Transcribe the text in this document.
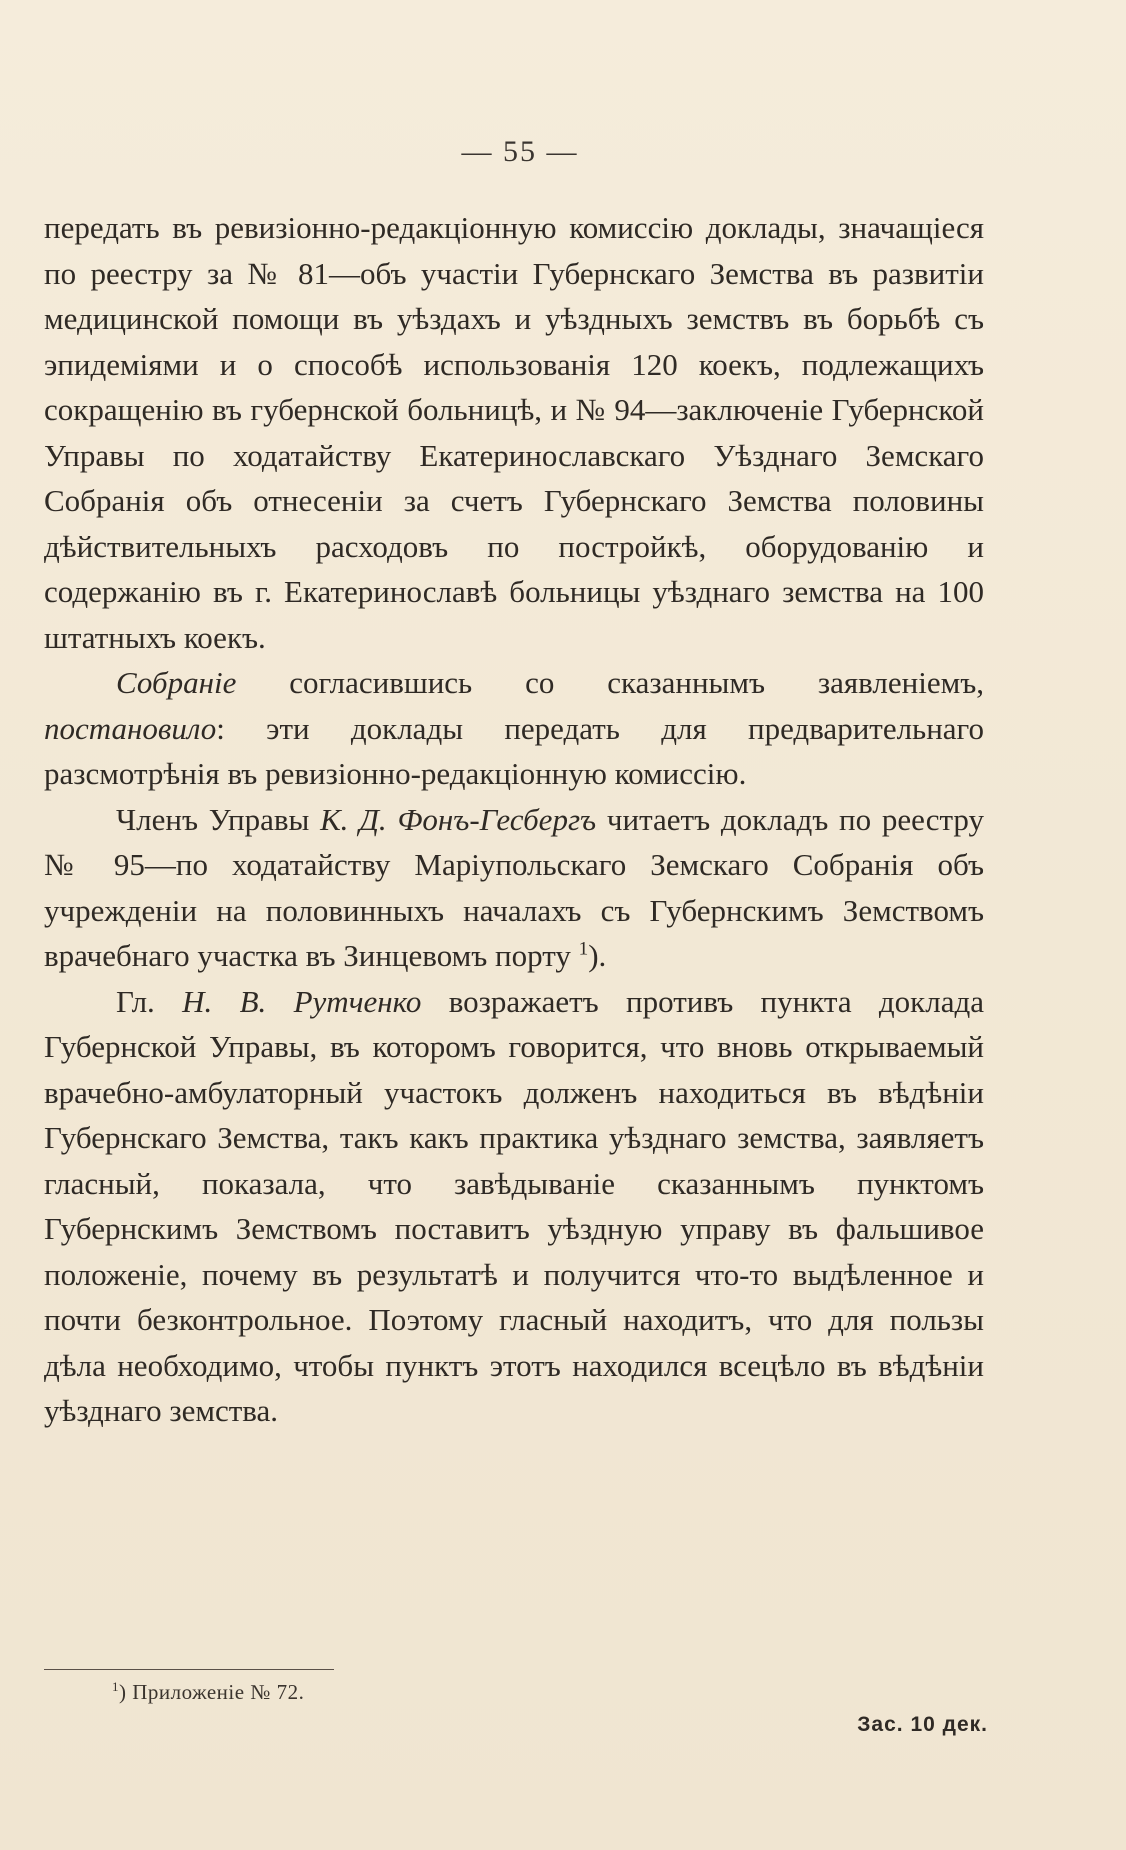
— 55 —

передать въ ревизіонно-редакціонную комиссію доклады, значащіеся по реестру за № 81—объ участіи Губернскаго Земства въ развитіи медицинской помощи въ уѣздахъ и уѣздныхъ земствъ въ борьбѣ съ эпидеміями и о способѣ использованія 120 коекъ, подлежащихъ сокращенію въ губернской больницѣ, и № 94—заключеніе Губернской Управы по ходатайству Екатеринославскаго Уѣзднаго Земскаго Собранія объ отнесеніи за счетъ Губернскаго Земства половины дѣйствительныхъ расходовъ по постройкѣ, оборудованію и содержанію въ г. Екатеринославѣ больницы уѣзднаго земства на 100 штатныхъ коекъ.

Собраніе согласившись со сказаннымъ заявленіемъ, постановило: эти доклады передать для предварительнаго разсмотрѣнія въ ревизіонно-редакціонную комиссію.

Членъ Управы К. Д. Фонъ-Гесбергъ читаетъ докладъ по реестру № 95—по ходатайству Маріупольскаго Земскаго Собранія объ учрежденіи на половинныхъ началахъ съ Губернскимъ Земствомъ врачебнаго участка въ Зинцевомъ порту $^1$).

Гл. Н. В. Рутченко возражаетъ противъ пункта доклада Губернской Управы, въ которомъ говорится, что вновь открываемый врачебно-амбулаторный участокъ долженъ находиться въ вѣдѣніи Губернскаго Земства, такъ какъ практика уѣзднаго земства, заявляетъ гласный, показала, что завѣдываніе сказаннымъ пунктомъ Губернскимъ Земствомъ поставитъ уѣздную управу въ фальшивое положеніе, почему въ результатѣ и получится что-то выдѣленное и почти безконтрольное. Поэтому гласный находитъ, что для пользы дѣла необходимо, чтобы пунктъ этотъ находился всецѣло въ вѣдѣніи уѣзднаго земства.

$^1$) Приложеніе № 72.
Зас. 10 дек.
